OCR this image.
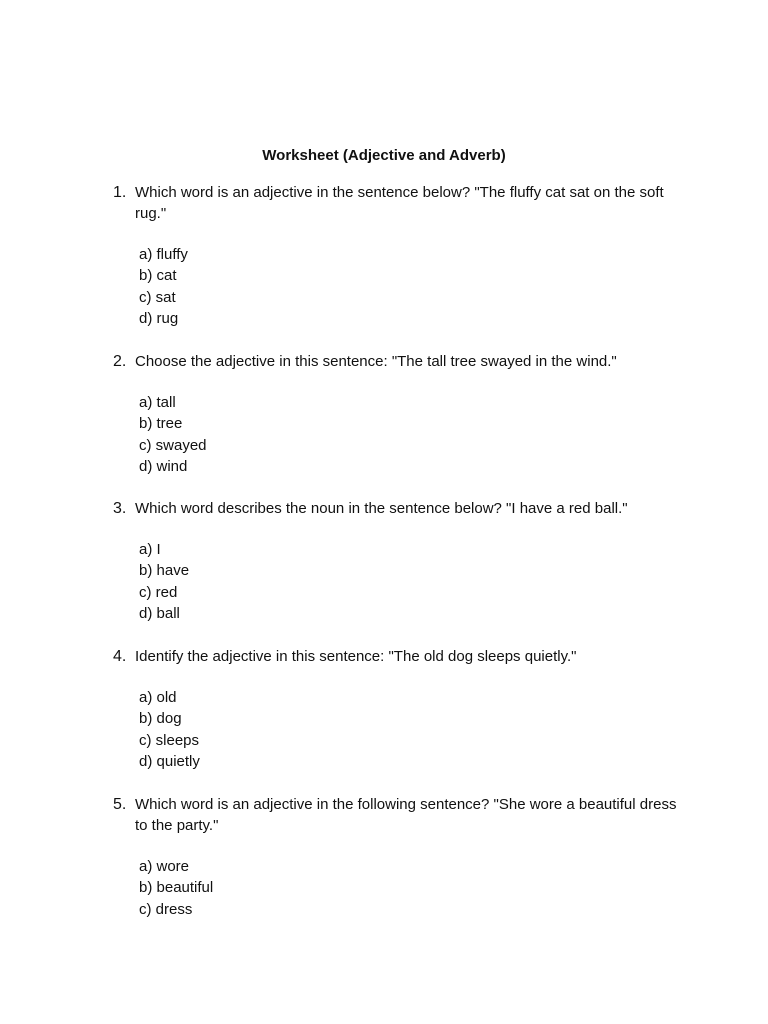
Worksheet (Adjective and Adverb)
1. Which word is an adjective in the sentence below? "The fluffy cat sat on the soft rug."
a) fluffy
b) cat
c) sat
d) rug
2. Choose the adjective in this sentence: "The tall tree swayed in the wind."
a) tall
b) tree
c) swayed
d) wind
3. Which word describes the noun in the sentence below? "I have a red ball."
a) I
b) have
c) red
d) ball
4. Identify the adjective in this sentence: "The old dog sleeps quietly."
a) old
b) dog
c) sleeps
d) quietly
5. Which word is an adjective in the following sentence? "She wore a beautiful dress to the party."
a) wore
b) beautiful
c) dress
